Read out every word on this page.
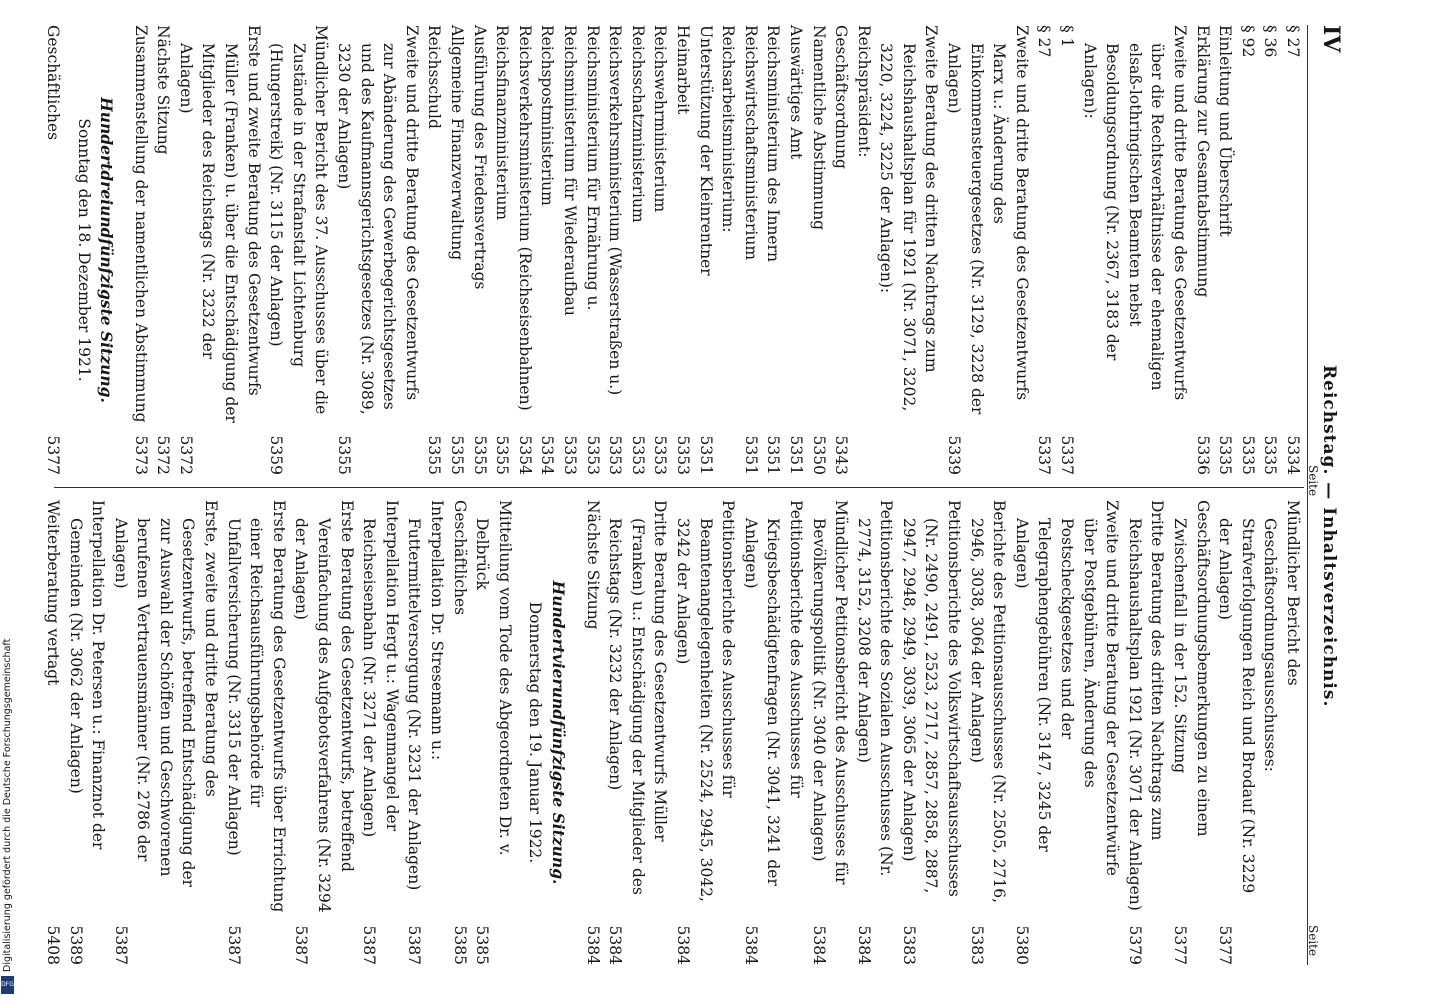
IV
Reichstag. — Inhaltsverzeichnis.
Seite
Seite
§ 27
5334
§ 36
5335
§ 92
5335
Einleitung und Überschrift
5335
Erklärung zur Gesamtabstimmung
5336
Zweite und dritte Beratung des Gesetzentwurfs über die Rechtsverhältnisse der ehemaligen elsaß-lothringischen Beamten nebst Besoldungsordnung (Nr. 2367, 3183 der Anlagen):
§ 1
5337
§ 27
5337
Zweite und dritte Beratung des Gesetzentwurfs Marx u.: Änderung des Einkommensteuergesetzes (Nr. 3129, 3228 der Anlagen)
5339
Zweite Beratung des dritten Nachtrags zum Reichshaushaltsplan für 1921 (Nr. 3071, 3202, 3220, 3224, 3225 der Anlagen):
Reichspräsident:
Geschäftsordnung
5343
Namentliche Abstimmung
5350
Auswärtiges Amt
5351
Reichsministerium des Innern
5351
Reichswirtschaftsministerium
5351
Reichsarbeitsministerium:
Unterstützung der Kleinrentner
5351
Heimarbeit
5353
Reichswehrministerium
5353
Reichsschatzministerium
5353
Reichsverkehrsministerium (Wasserstraßen u.)
5353
Reichsministerium für Ernährung u.
5353
Reichsministerium für Wiederaufbau
5353
Reichspostministerium
5354
Reichsverkehrsministerium (Reichseisenbahnen)
5354
Reichsfinanzministerium
5355
Ausführung des Friedensvertrags
5355
Allgemeine Finanzverwaltung
5355
Reichsschuld
5355
Zweite und dritte Beratung des Gesetzentwurfs zur Abänderung des Gewerbegerichtsgesetzes und des Kaufmannsgerichtsgesetzes (Nr. 3089, 3230 der Anlagen)
5355
Mündlicher Bericht des 37. Ausschusses über die Zustände in der Strafanstalt Lichtenburg (Hungerstreik) (Nr. 3115 der Anlagen)
5359
Erste und zweite Beratung des Gesetzentwurfs Müller (Franken) u. über die Entschädigung der Mitglieder des Reichstags (Nr. 3232 der Anlagen)
5372
Nächste Sitzung
5372
Zusammenstellung der namentlichen Abstimmung
5373
Hundertdreiundfünfzigste Sitzung.
Sonntag den 18. Dezember 1921.
Geschäftliches
5377
Mündlicher Bericht des Geschäftsordnungsausschusses: Strafverfolgungen Reich und Brodauf (Nr. 3229 der Anlagen)
5377
Geschäftsordnungsbemerkungen zu einem Zwischenfall in der 152. Sitzung
5377
Dritte Beratung des dritten Nachtrags zum Reichshaushaltsplan 1921 (Nr. 3071 der Anlagen)
5379
Zweite und dritte Beratung der Gesetzentwürfe über Postgebühren, Änderung des Postscheckgesetzes und der Telegraphengebühren (Nr. 3147, 3245 der Anlagen)
5380
Berichte des Petitionsausschusses (Nr. 2505, 2716, 2946, 3038, 3064 der Anlagen)
5383
Petitionsberichte des Volkswirtschaftsausschusses (Nr. 2490, 2491, 2523, 2717, 2857, 2858, 2887, 2947, 2948, 2949, 3039, 3065 der Anlagen)
5383
Petitionsberichte des Sozialen Ausschusses (Nr. 2774, 3152, 3208 der Anlagen)
5384
Mündlicher Petitionsbericht des Ausschusses für Bevölkerungspolitik (Nr. 3040 der Anlagen)
5384
Petitionsberichte des Ausschusses für Kriegsbeschädigtenfragen (Nr. 3041, 3241 der Anlagen)
5384
Petitionsberichte des Ausschusses für Beamtenangelegenheiten (Nr. 2524, 2945, 3042, 3242 der Anlagen)
5384
Dritte Beratung des Gesetzentwurfs Müller (Franken) u.: Entschädigung der Mitglieder des Reichstags (Nr. 3232 der Anlagen)
5384
Nächste Sitzung
5384
Hundertvierundfünfzigste Sitzung.
Donnerstag den 19. Januar 1922.
Mitteilung vom Tode des Abgeordneten Dr. v. Delbrück
5385
Geschäftliches
5385
Interpellation Dr. Stresemann u.: Futtermittelversorgung (Nr. 3231 der Anlagen)
5387
Interpellation Hergt u.: Wagenmangel der Reichseisenbahn (Nr. 3271 der Anlagen)
5387
Erste Beratung des Gesetzentwurfs, betreffend Vereinfachung des Aufgebotsverfahrens (Nr. 3294 der Anlagen)
5387
Erste Beratung des Gesetzentwurfs über Errichtung einer Reichsausführungsbehörde für Unfallversicherung (Nr. 3315 der Anlagen)
5387
Erste, zweite und dritte Beratung des Gesetzentwurfs, betreffend Entschädigung der zur Auswahl der Schöffen und Geschworenen berufenen Vertrauensmänner (Nr. 2786 der Anlagen)
5387
Interpellation Dr. Petersen u.: Finanznot der Gemeinden (Nr. 3062 der Anlagen)
5389
Weiterberatung vertagt
5408
Digitalisierung gefördert durch die Deutsche Forschungsgemeinschaft
DFG
